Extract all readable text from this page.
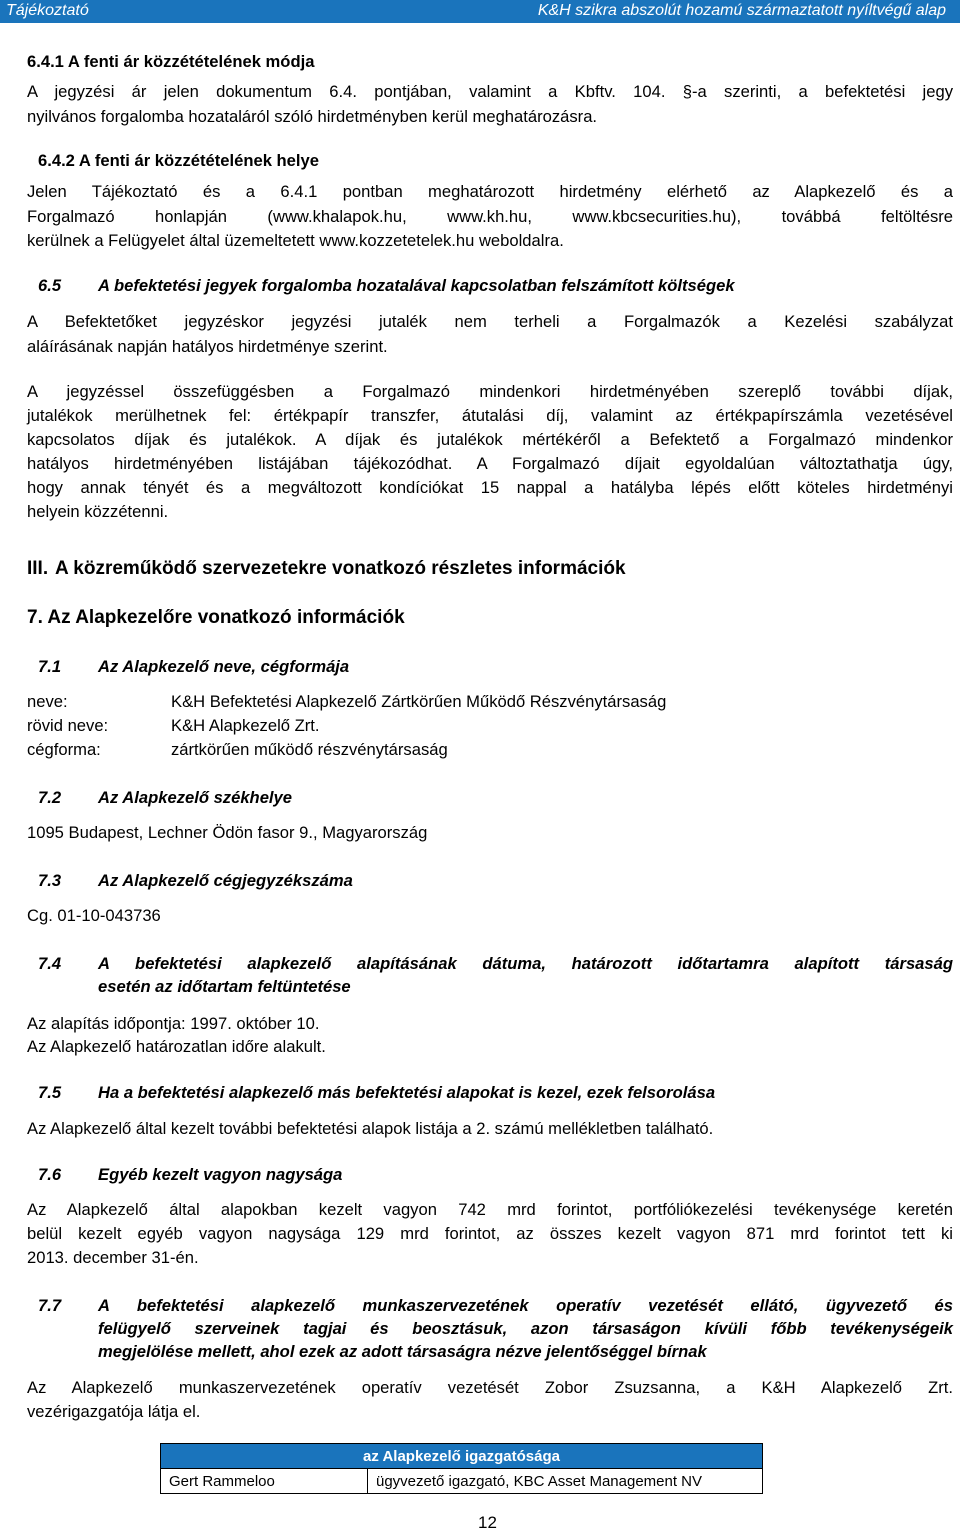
Tájékoztató	K&H szikra abszolút hozamú származtatott nyíltvégű alap
6.4.1 A fenti ár közzétételének módja
A jegyzési ár jelen dokumentum 6.4. pontjában, valamint a Kbftv. 104. §-a szerinti, a befektetési jegy
nyilvános forgalomba hozataláról szóló hirdetményben kerül meghatározásra.
6.4.2 A fenti ár közzétételének helye
Jelen Tájékoztató és a 6.4.1 pontban meghatározott hirdetmény elérhető az Alapkezelő és a
Forgalmazó honlapján (www.khalapok.hu, www.kh.hu, www.kbcsecurities.hu), továbbá feltöltésre
kerülnek a Felügyelet által üzemeltetett www.kozzetetelek.hu weboldalra.
6.5 A befektetési jegyek forgalomba hozatalával kapcsolatban felszámított költségek
A Befektetőket jegyzéskor jegyzési jutalék nem terheli a Forgalmazók a Kezelési szabályzat
aláírásának napján hatályos hirdetménye szerint.
A jegyzéssel összefüggésben a Forgalmazó mindenkori hirdetményében szereplő további díjak,
jutalékok merülhetnek fel: értékpapír transzfer, átutalási díj, valamint az értékpapírszámla vezetésével
kapcsolatos díjak és jutalékok. A díjak és jutalékok mértékéről a Befektető a Forgalmazó mindenkor
hatályos hirdetményében listájában tájékozódhat. A Forgalmazó díjait egyoldalúan változtathatja úgy,
hogy annak tényét és a megváltozott kondíciókat 15 nappal a hatályba lépés előtt köteles hirdetményi
helyein közzétenni.
III. A közreműködő szervezetekre vonatkozó részletes információk
7. Az Alapkezelőre vonatkozó információk
7.1 Az Alapkezelő neve, cégformája
neve:	K&H Befektetési Alapkezelő Zártkörűen Működő Részvénytársaság
rövid neve:	K&H Alapkezelő Zrt.
cégforma:	zártkörűen működő részvénytársaság
7.2 Az Alapkezelő székhelye
1095 Budapest, Lechner Ödön fasor 9., Magyarország
7.3 Az Alapkezelő cégjegyzékszáma
Cg. 01-10-043736
7.4 A befektetési alapkezelő alapításának dátuma, határozott időtartamra alapított társaság
esetén az időtartam feltüntetése
Az alapítás időpontja: 1997. október 10.
Az Alapkezelő határozatlan időre alakult.
7.5 Ha a befektetési alapkezelő más befektetési alapokat is kezel, ezek felsorolása
Az Alapkezelő által kezelt további befektetési alapok listája a 2. számú mellékletben található.
7.6 Egyéb kezelt vagyon nagysága
Az Alapkezelő által alapokban kezelt vagyon 742 mrd forintot, portfóliókezelési tevékenysége keretén
belül kezelt egyéb vagyon nagysága 129 mrd forintot, az összes kezelt vagyon 871 mrd forintot tett ki
2013. december 31-én.
7.7 A befektetési alapkezelő munkaszervezetének operatív vezetését ellátó, ügyvezető és
felügyelő szerveinek tagjai és beosztásuk, azon társaságon kívüli főbb tevékenységeik
megjelölése mellett, ahol ezek az adott társaságra nézve jelentőséggel bírnak
Az Alapkezelő munkaszervezetének operatív vezetését Zobor Zsuzsanna, a K&H Alapkezelő Zrt.
vezérigazgatója látja el.
az Alapkezelő igazgatósága
Gert Rammeloo	ügyvezető igazgató, KBC Asset Management NV
12
